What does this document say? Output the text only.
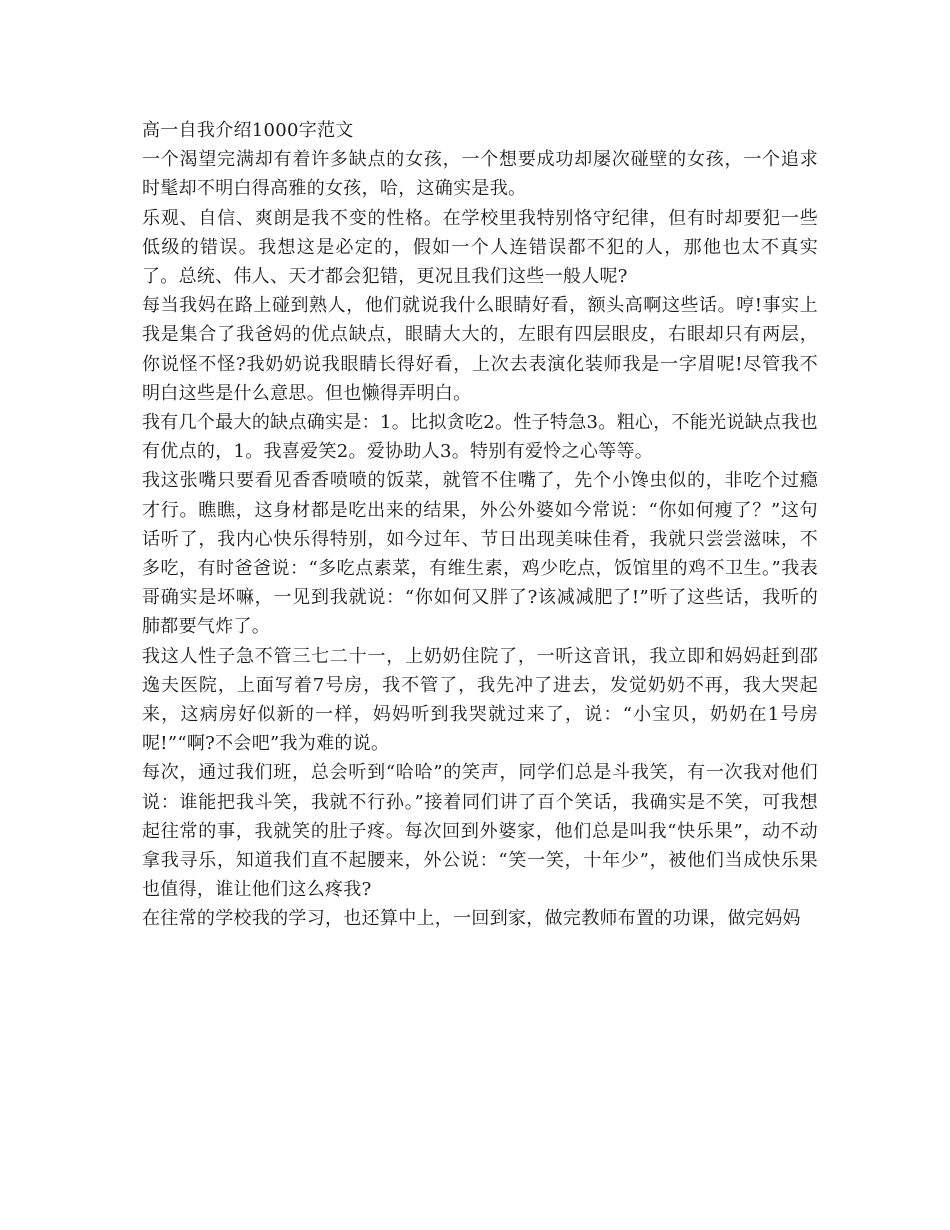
高一自我介绍1000字范文

一个渴望完满却有着许多缺点的女孩，一个想要成功却屡次碰壁的女孩，一个追求时髦却不明白得高雅的女孩，哈，这确实是我。

乐观、自信、爽朗是我不变的性格。在学校里我特别恪守纪律，但有时却要犯一些低级的错误。我想这是必定的，假如一个人连错误都不犯的人，那他也太不真实了。总统、伟人、天才都会犯错，更况且我们这些一般人呢?

每当我妈在路上碰到熟人，他们就说我什么眼睛好看，额头高啊这些话。哼!事实上我是集合了我爸妈的优点缺点，眼睛大大的，左眼有四层眼皮，右眼却只有两层，你说怪不怪?我奶奶说我眼睛长得好看，上次去表演化装师我是一字眉呢!尽管我不明白这些是什么意思。但也懒得弄明白。

我有几个最大的缺点确实是：1。比拟贪吃2。性子特急3。粗心，不能光说缺点我也有优点的，1。我喜爱笑2。爱协助人3。特别有爱怜之心等等。

我这张嘴只要看见香香喷喷的饭菜，就管不住嘴了，先个小馋虫似的，非吃个过瘾才行。瞧瞧，这身材都是吃出来的结果，外公外婆如今常说：“你如何瘦了？”这句话听了，我内心快乐得特别，如今过年、节日出现美味佳肴，我就只尝尝滋味，不多吃，有时爸爸说：“多吃点素菜，有维生素，鸡少吃点，饭馆里的鸡不卫生。”我表哥确实是坏嘛，一见到我就说：“你如何又胖了?该减减肥了!”听了这些话，我听的肺都要气炸了。

我这人性子急不管三七二十一，上奶奶住院了，一听这音讯，我立即和妈妈赶到邵逸夫医院，上面写着7号房，我不管了，我先冲了进去，发觉奶奶不再，我大哭起来，这病房好似新的一样，妈妈听到我哭就过来了，说：“小宝贝，奶奶在1号房呢!”“啊?不会吧”我为难的说。

每次，通过我们班，总会听到“哈哈”的笑声，同学们总是斗我笑，有一次我对他们说：谁能把我斗笑，我就不行孙。”接着同们讲了百个笑话，我确实是不笑，可我想起往常的事，我就笑的肚子疼。每次回到外婆家，他们总是叫我“快乐果”，动不动拿我寻乐，知道我们直不起腰来，外公说：“笑一笑，十年少”，被他们当成快乐果也值得，谁让他们这么疼我?

在往常的学校我的学习，也还算中上，一回到家，做完教师布置的功课，做完妈妈
